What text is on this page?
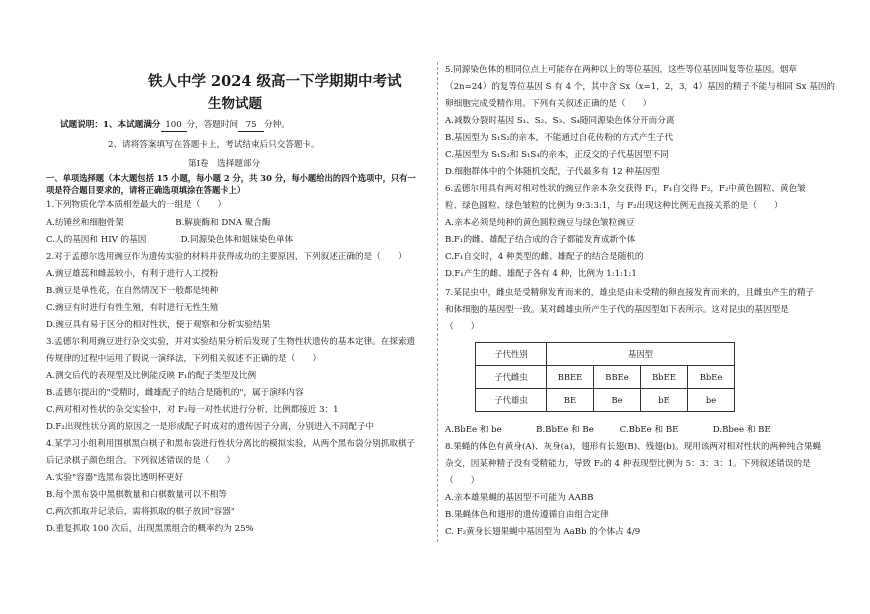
铁人中学 2024 级高一下学期期中考试
生物试题
试题说明：1、本试题满分 100 分，答题时间 75 分钟。
2、请将答案填写在答题卡上，考试结束后只交答题卡。
第Ⅰ卷　选择题部分
一、单项选择题（本大题包括 15 小题，每小题 2 分，共 30 分，每小题给出的四个选项中，只有一
项是符合题目要求的，请将正确选项填涂在答题卡上）
1.下列物质化学本质相差最大的一组是（　　）
A.纺锤丝和细胞骨架　　　　　　B.解旋酶和 DNA 聚合酶
C.人的基因和 HIV 的基因　　　　D.同源染色体和姐妹染色单体
2.对于孟德尔选用豌豆作为遗传实验的材料并获得成功的主要原因，下列叙述正确的是（　　）
A.豌豆雄蕊和雌蕊较小，有利于进行人工授粉
B.豌豆是单性花，在自然情况下一般都是纯种
C.豌豆有时进行有性生殖，有时进行无性生殖
D.豌豆具有易于区分的相对性状，便于观察和分析实验结果
3.孟德尔利用豌豆进行杂交实验，并对实验结果分析后发现了生物性状遗传的基本定律。在探索遗
传规律的过程中运用了假说一演绎法，下列相关叙述不正确的是（　　）
A.测交后代的表现型及比例能反映 F₁的配子类型及比例
B.孟德尔提出的"受精时，雌雄配子的结合是随机的"，属于演绎内容
C.两对相对性状的杂交实验中，对 F₂每一对性状进行分析，比例都接近 3：1
D.F₂出现性状分离的原因之一是形成配子时成对的遗传因子分离，分别进入不同配子中
4.某学习小组利用围棋黑白棋子和黑布袋进行性状分离比的模拟实验，从两个黑布袋分别抓取棋子
后记录棋子颜色组合。下列叙述错误的是（　　）
A.实验"容器"选黑布袋比透明杯更好
B.每个黑布袋中黑棋数量和白棋数量可以不相等
C.两次抓取并记录后，需将抓取的棋子放回"容器"
D.重复抓取 100 次后，出现黑黑组合的概率约为 25%
5.同源染色体的相同位点上可能存在两种以上的等位基因，这些等位基因叫复等位基因。烟草
（2n=24）的复等位基因 S 有 4 个，其中含 Sx（x=1，2，3，4）基因的精子不能与相同 Sx 基因的
卵细胞完成受精作用。下列有关叙述正确的是（　　）
A.减数分裂时基因 S₁、S₂、S₃、S₄随同源染色体分开而分离
B.基因型为 S₁S₂的亲本，不能通过自花传粉的方式产生子代
C.基因型为 S₁S₂和 S₁S₄的亲本，正反交的子代基因型不同
D.细胞群体中的个体随机交配，子代最多有 12 种基因型
6.孟德尔用具有两对相对性状的豌豆作亲本杂交获得 F₁，F₁自交得 F₂，F₂中黄色圆粒、黄色皱
粒、绿色圆粒、绿色皱粒的比例为 9:3:3:1，与 F₂出现这种比例无直接关系的是（　　）
A.亲本必须是纯种的黄色圆粒豌豆与绿色皱粒豌豆
B.F₁的雌、雄配子结合成的合子都能发育成新个体
C.F₁自交时，4 种类型的雌、雄配子的结合是随机的
D.F₁产生的雌、雄配子各有 4 种，比例为 1:1:1:1
7.某昆虫中，雌虫是受精卵发育而来的，雄虫是由未受精的卵直接发育而来的，且雌虫产生的精子
和体细胞的基因型一致。某对雌雄虫所产生子代的基因型如下表所示。这对昆虫的基因型是
（　　）
子代性别	基因型			
子代雌虫	BBEE	BBEe	BbEE	BbEe
子代雄虫	BE	Be	bE	be
A.BbEe 和 be　　　　B.BbEe 和 Be　　　C.BbEe 和 BE　　　　D.Bbee 和 BE
8.果蝇的体色有黄身(A)、灰身(a)，翅形有长翅(B)、残翅(b)。现用该两对相对性状的两种纯合果蝇
杂交，因某种精子没有受精能力，导致 F₂的 4 种表现型比例为 5：3：3：1。下列叙述错误的是
（　　）
A.亲本雄果蝇的基因型不可能为 AABB
B.果蝇体色和翅形的遗传遵循自由组合定律
C. F₂黄身长翅果蝇中基因型为 AaBb 的个体占 4/9
